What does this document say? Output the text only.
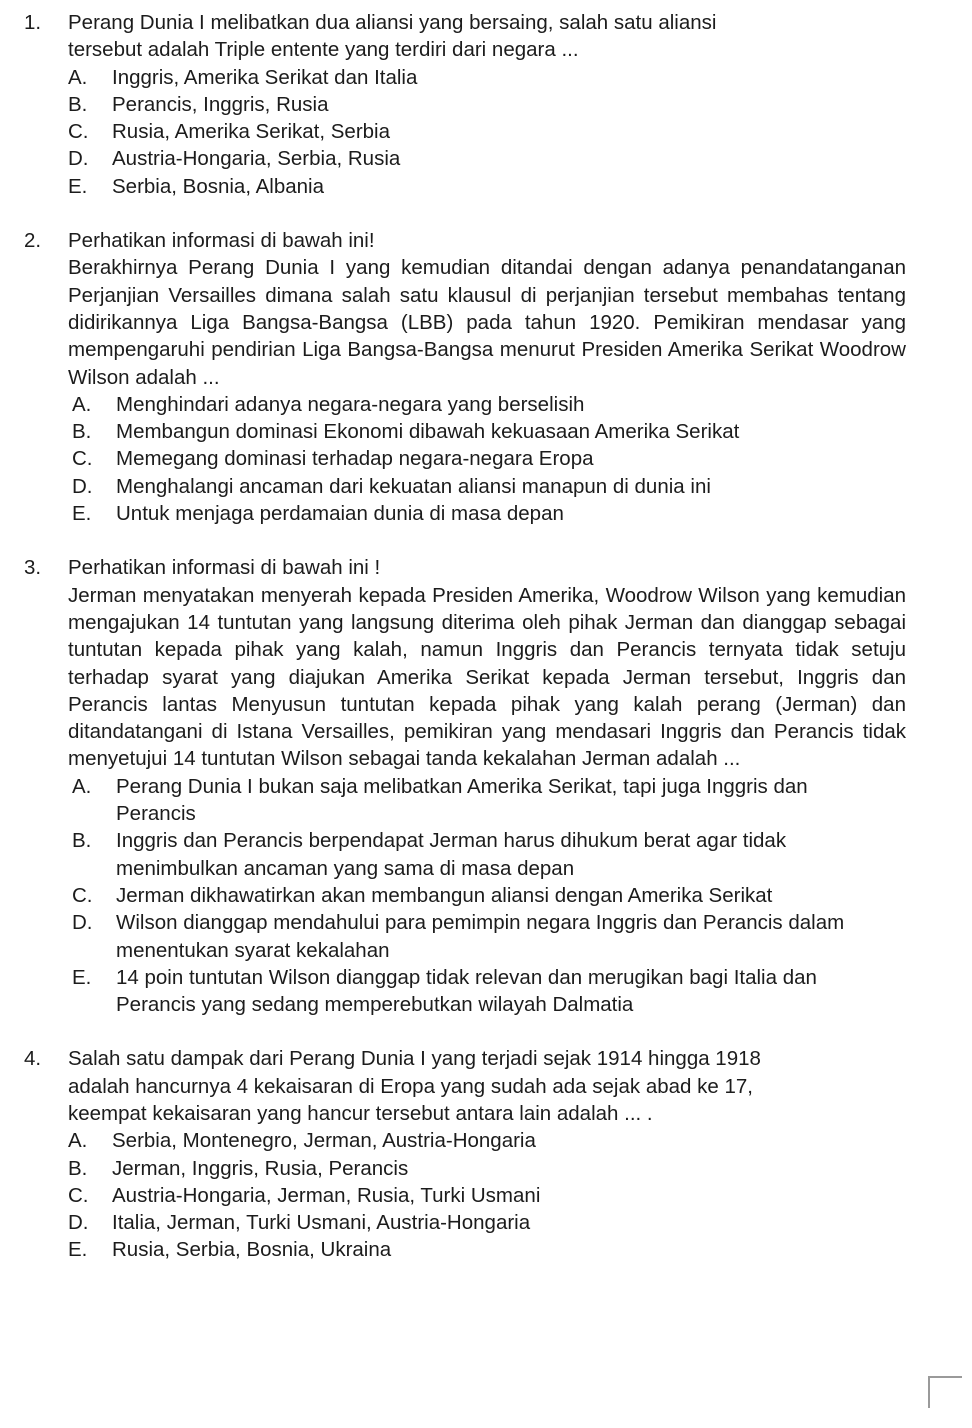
1. Perang Dunia I melibatkan dua aliansi yang bersaing, salah satu aliansi tersebut adalah Triple entente yang terdiri dari negara ...
A. Inggris, Amerika Serikat dan Italia
B. Perancis, Inggris, Rusia
C. Rusia, Amerika Serikat, Serbia
D. Austria-Hongaria, Serbia, Rusia
E. Serbia, Bosnia, Albania
2. Perhatikan informasi di bawah ini!
Berakhirnya Perang Dunia I yang kemudian ditandai dengan adanya penandatanganan Perjanjian Versailles dimana salah satu klausul di perjanjian tersebut membahas tentang didirikannya Liga Bangsa-Bangsa (LBB) pada tahun 1920. Pemikiran mendasar yang mempengaruhi pendirian Liga Bangsa-Bangsa menurut Presiden Amerika Serikat Woodrow Wilson adalah ...
A. Menghindari adanya negara-negara yang berselisih
B. Membangun dominasi Ekonomi dibawah kekuasaan Amerika Serikat
C. Memegang dominasi terhadap negara-negara Eropa
D. Menghalangi ancaman dari kekuatan aliansi manapun di dunia ini
E. Untuk menjaga perdamaian dunia di masa depan
3. Perhatikan informasi di bawah ini !
Jerman menyatakan menyerah kepada Presiden Amerika, Woodrow Wilson yang kemudian mengajukan 14 tuntutan yang langsung diterima oleh pihak Jerman dan dianggap sebagai tuntutan kepada pihak yang kalah, namun Inggris dan Perancis ternyata tidak setuju terhadap syarat yang diajukan Amerika Serikat kepada Jerman tersebut, Inggris dan Perancis lantas Menyusun tuntutan kepada pihak yang kalah perang (Jerman) dan ditandatangani di Istana Versailles, pemikiran yang mendasari Inggris dan Perancis tidak menyetujui 14 tuntutan Wilson sebagai tanda kekalahan Jerman adalah ...
A. Perang Dunia I bukan saja melibatkan Amerika Serikat, tapi juga Inggris dan Perancis
B. Inggris dan Perancis berpendapat Jerman harus dihukum berat agar tidak menimbulkan ancaman yang sama di masa depan
C. Jerman dikhawatirkan akan membangun aliansi dengan Amerika Serikat
D. Wilson dianggap mendahului para pemimpin negara Inggris dan Perancis dalam menentukan syarat kekalahan
E. 14 poin tuntutan Wilson dianggap tidak relevan dan merugikan bagi Italia dan Perancis yang sedang memperebutkan wilayah Dalmatia
4. Salah satu dampak dari Perang Dunia I yang terjadi sejak 1914 hingga 1918 adalah hancurnya 4 kekaisaran di Eropa yang sudah ada sejak abad ke 17, keempat kekaisaran yang hancur tersebut antara lain adalah ... .
A. Serbia, Montenegro, Jerman, Austria-Hongaria
B. Jerman, Inggris, Rusia, Perancis
C. Austria-Hongaria, Jerman, Rusia, Turki Usmani
D. Italia, Jerman, Turki Usmani, Austria-Hongaria
E. Rusia, Serbia, Bosnia, Ukraina
